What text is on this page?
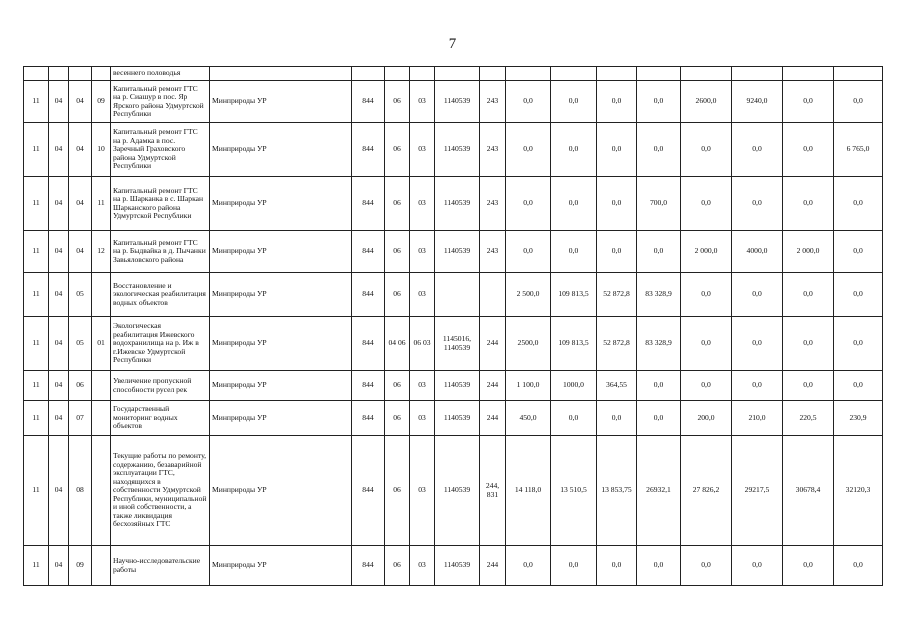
7
				весеннего половодья														
11	04	04	09	Капитальный ремонт ГТС на р. Сиашур в пос. Яр Ярского района Удмуртской Республики	Минприроды УР	844	06	03	1140539	243	0,0	0,0	0,0	0,0	2600,0	9240,0	0,0	0,0
11	04	04	10	Капитальный ремонт ГТС на р. Адамка в пос. Заречный Граховского района Удмуртской Республики	Минприроды УР	844	06	03	1140539	243	0,0	0,0	0,0	0,0	0,0	0,0	0,0	6 765,0
11	04	04	11	Капитальный ремонт ГТС на р. Шарканка в с. Шаркан Шарканского района Удмуртской Республики	Минприроды УР	844	06	03	1140539	243	0,0	0,0	0,0	700,0	0,0	0,0	0,0	0,0
11	04	04	12	Капитальный ремонт ГТС на р. Быдвайка в д. Пычанки Завьяловского района	Минприроды УР	844	06	03	1140539	243	0,0	0,0	0,0	0,0	2 000,0	4000,0	2 000,0	0,0
11	04	05		Восстановление и экологическая реабилитация водных объектов	Минприроды УР	844	06	03			2 500,0	109 813,5	52 872,8	83 328,9	0,0	0,0	0,0	0,0
11	04	05	01	Экологическая реабилитация Ижевского водохранилища на р. Иж в г.Ижевске Удмуртской Республики	Минприроды УР	844	04 06	06 03	1145016, 1140539	244	2500,0	109 813,5	52 872,8	83 328,9	0,0	0,0	0,0	0,0
11	04	06		Увеличение пропускной способности русел рек	Минприроды УР	844	06	03	1140539	244	1 100,0	1000,0	364,55	0,0	0,0	0,0	0,0	0,0
11	04	07		Государственный мониторинг водных объектов	Минприроды УР	844	06	03	1140539	244	450,0	0,0	0,0	0,0	200,0	210,0	220,5	230,9
11	04	08		Текущие работы по ремонту, содержанию, безаварийной эксплуатации ГТС, находящихся в собственности Удмуртской Республики, муниципальной и иной собственности, а также ликвидация бесхозяйных ГТС	Минприроды УР	844	06	03	1140539	244, 831	14 118,0	13 510,5	13 853,75	26932,1	27 826,2	29217,5	30678,4	32120,3
11	04	09		Научно-исследовательские работы	Минприроды УР	844	06	03	1140539	244	0,0	0,0	0,0	0,0	0,0	0,0	0,0	0,0
